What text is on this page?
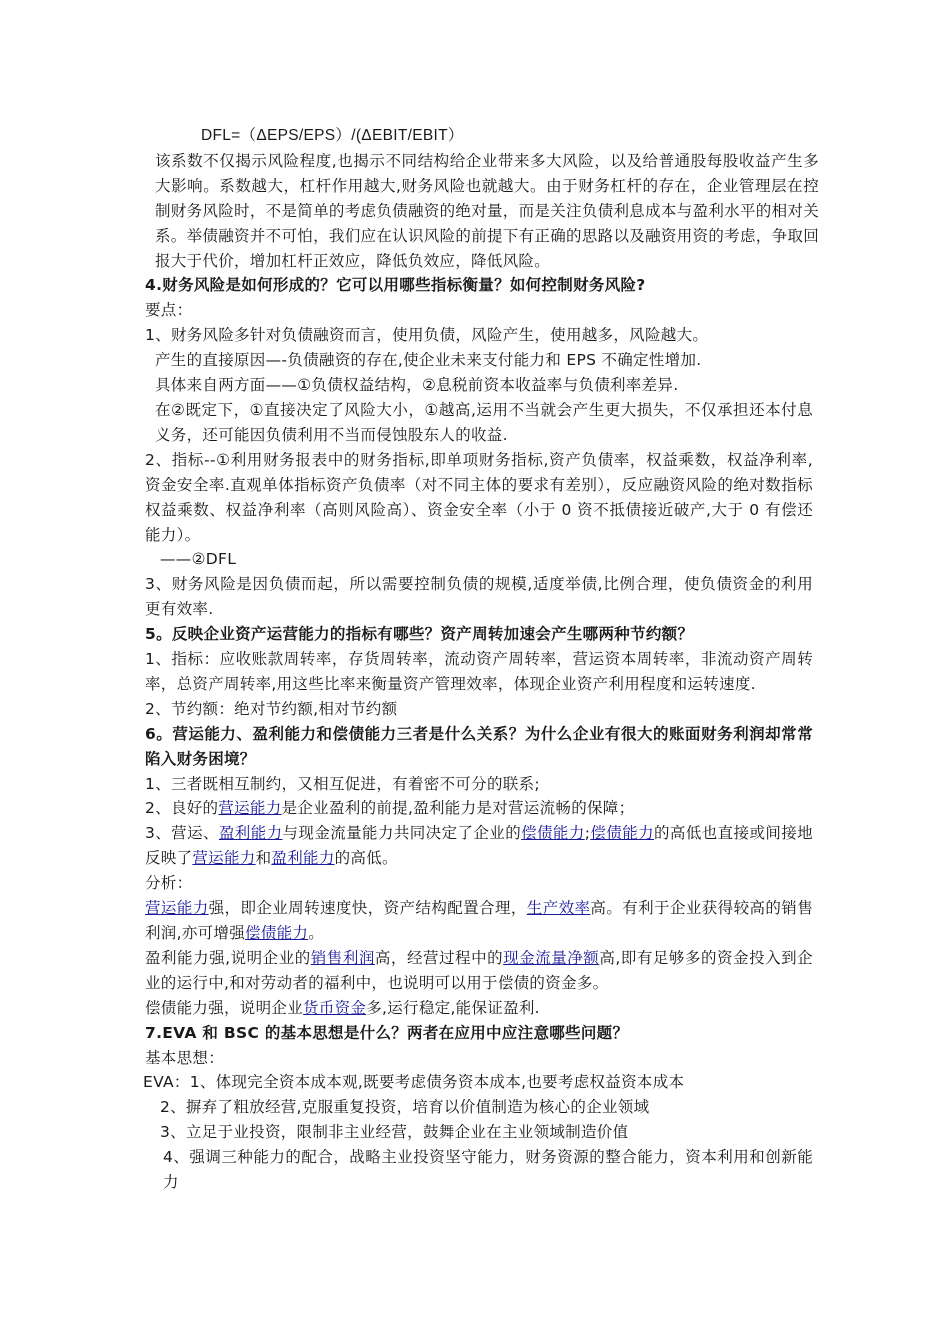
DFL=（ΔEPS/EPS）/(ΔEBIT/EBIT）
该系数不仅揭示风险程度,也揭示不同结构给企业带来多大风险，以及给普通股每股收益产生多大影响。系数越大，杠杆作用越大,财务风险也就越大。由于财务杠杆的存在，企业管理层在控制财务风险时，不是简单的考虑负债融资的绝对量，而是关注负债利息成本与盈利水平的相对关系。举债融资并不可怕，我们应在认识风险的前提下有正确的思路以及融资用资的考虑，争取回报大于代价，增加杠杆正效应，降低负效应，降低风险。
4.财务风险是如何形成的？它可以用哪些指标衡量？如何控制财务风险?
要点：
1、财务风险多针对负债融资而言，使用负债，风险产生，使用越多，风险越大。
产生的直接原因—-负债融资的存在,使企业未来支付能力和 EPS 不确定性增加.
具体来自两方面——①负债权益结构，②息税前资本收益率与负债利率差异.
在②既定下，①直接决定了风险大小，①越高,运用不当就会产生更大损失，不仅承担还本付息义务，还可能因负债利用不当而侵蚀股东人的收益.
2、指标--①利用财务报表中的财务指标,即单项财务指标,资产负债率，权益乘数，权益净利率,资金安全率.直观单体指标资产负债率（对不同主体的要求有差别），反应融资风险的绝对数指标权益乘数、权益净利率（高则风险高）、资金安全率（小于 0 资不抵债接近破产,大于 0 有偿还能力）。
——②DFL
3、财务风险是因负债而起，所以需要控制负债的规模,适度举债,比例合理，使负债资金的利用更有效率.
5。反映企业资产运营能力的指标有哪些？资产周转加速会产生哪两种节约额？
1、指标：应收账款周转率，存货周转率，流动资产周转率，营运资本周转率，非流动资产周转率，总资产周转率,用这些比率来衡量资产管理效率，体现企业资产利用程度和运转速度.
2、节约额：绝对节约额,相对节约额
6。营运能力、盈利能力和偿债能力三者是什么关系？为什么企业有很大的账面财务利润却常常陷入财务困境？
1、三者既相互制约，又相互促进，有着密不可分的联系;
2、良好的营运能力是企业盈利的前提,盈利能力是对营运流畅的保障；
3、营运、盈利能力与现金流量能力共同决定了企业的偿债能力;偿债能力的高低也直接或间接地反映了营运能力和盈利能力的高低。
分析：
营运能力强，即企业周转速度快，资产结构配置合理，生产效率高。有利于企业获得较高的销售利润,亦可增强偿债能力。
盈利能力强,说明企业的销售利润高，经营过程中的现金流量净额高,即有足够多的资金投入到企业的运行中,和对劳动者的福利中，也说明可以用于偿债的资金多。
偿债能力强，说明企业货币资金多,运行稳定,能保证盈利.
7.EVA 和 BSC 的基本思想是什么？两者在应用中应注意哪些问题？
基本思想：
EVA：1、体现完全资本成本观,既要考虑债务资本成本,也要考虑权益资本成本
2、摒弃了粗放经营,克服重复投资，培育以价值制造为核心的企业领域
3、立足于业投资，限制非主业经营，鼓舞企业在主业领域制造价值
4、强调三种能力的配合，战略主业投资坚守能力，财务资源的整合能力，资本利用和创新能力
